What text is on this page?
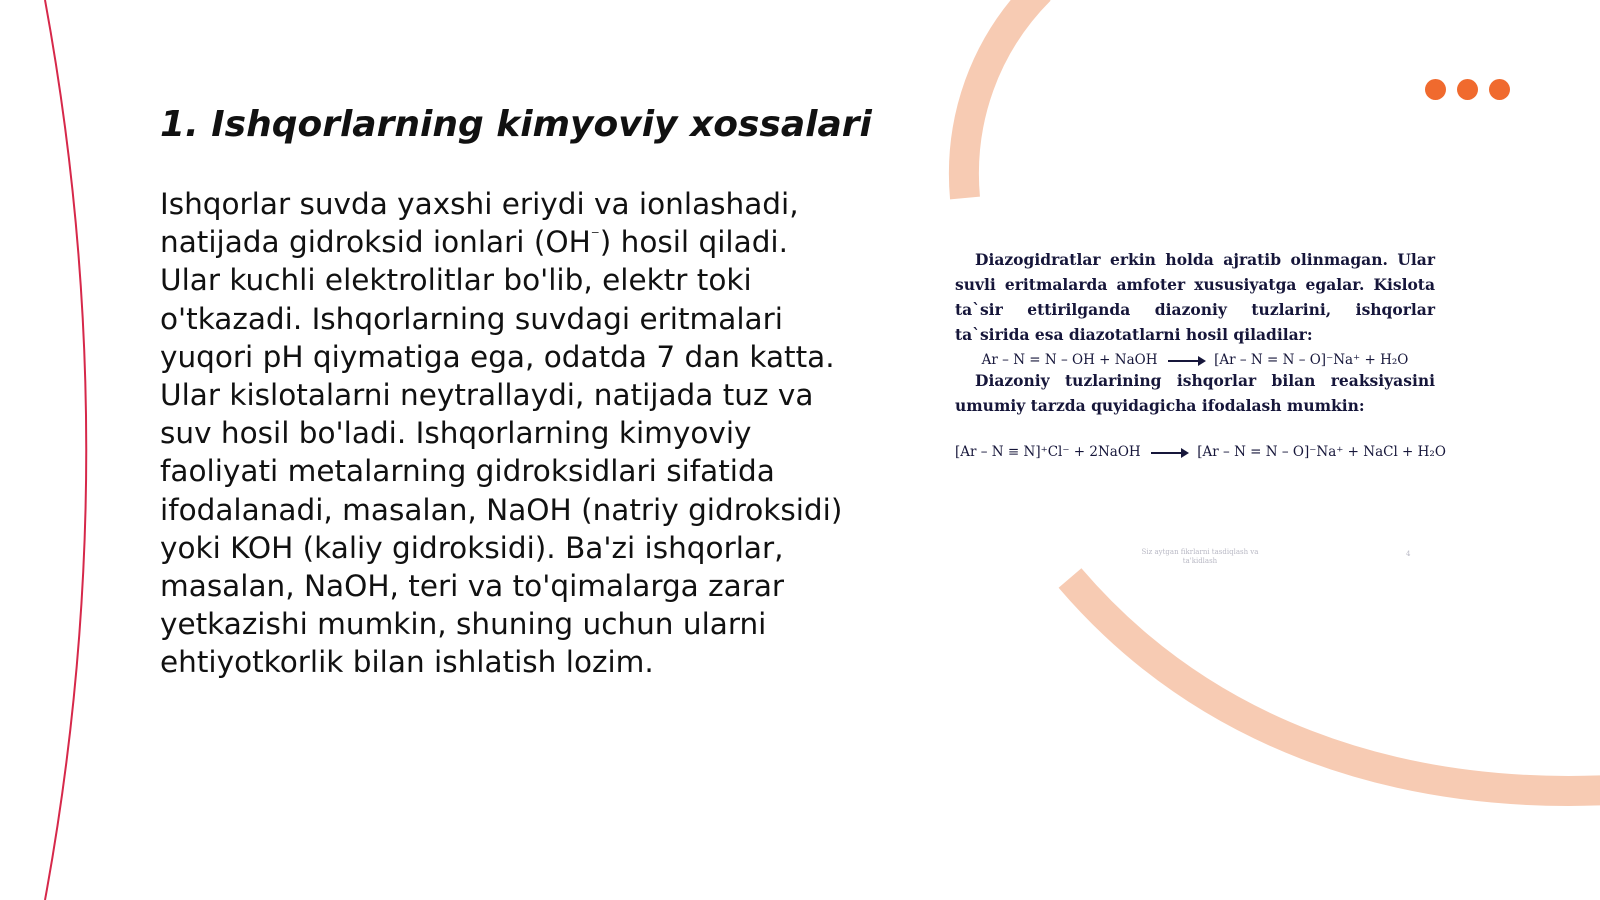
1. Ishqorlarning kimyoviy xossalari

Ishqorlar suvda yaxshi eriydi va ionlashadi, natijada gidroksid ionlari (OH⁻) hosil qiladi. Ular kuchli elektrolitlar bo'lib, elektr toki o'tkazadi. Ishqorlarning suvdagi eritmalari yuqori pH qiymatiga ega, odatda 7 dan katta. Ular kislotalarni neytrallaydi, natijada tuz va suv hosil bo'ladi. Ishqorlarning kimyoviy faoliyati metalarning gidroksidlari sifatida ifodalanadi, masalan, NaOH (natriy gidroksidi) yoki KOH (kaliy gidroksidi). Ba'zi ishqorlar, masalan, NaOH, teri va to'qimalarga zarar yetkazishi mumkin, shuning uchun ularni ehtiyotkorlik bilan ishlatish lozim.

Diazogidratlar erkin holda ajratib olinmagan. Ular suvli eritmalarda amfoter xususiyatga egalar. Kislota ta`sir ettirilganda diazoniy tuzlarini, ishqorlar ta`sirida esa diazotatlarni hosil qiladilar:

Ar – N = N – OH + NaOH → [Ar – N = N – O]⁻Na⁺ + H₂O

Diazoniy tuzlarining ishqorlar bilan reaksiyasini umumiy tarzda quyidagicha ifodalash mumkin:

[Ar – N ≡ N]⁺Cl⁻ + 2NaOH → [Ar – N = N – O]⁻Na⁺ + NaCl + H₂O
Siz aytgan fikrlarni tasdiqlash va ta'kidlash
4
